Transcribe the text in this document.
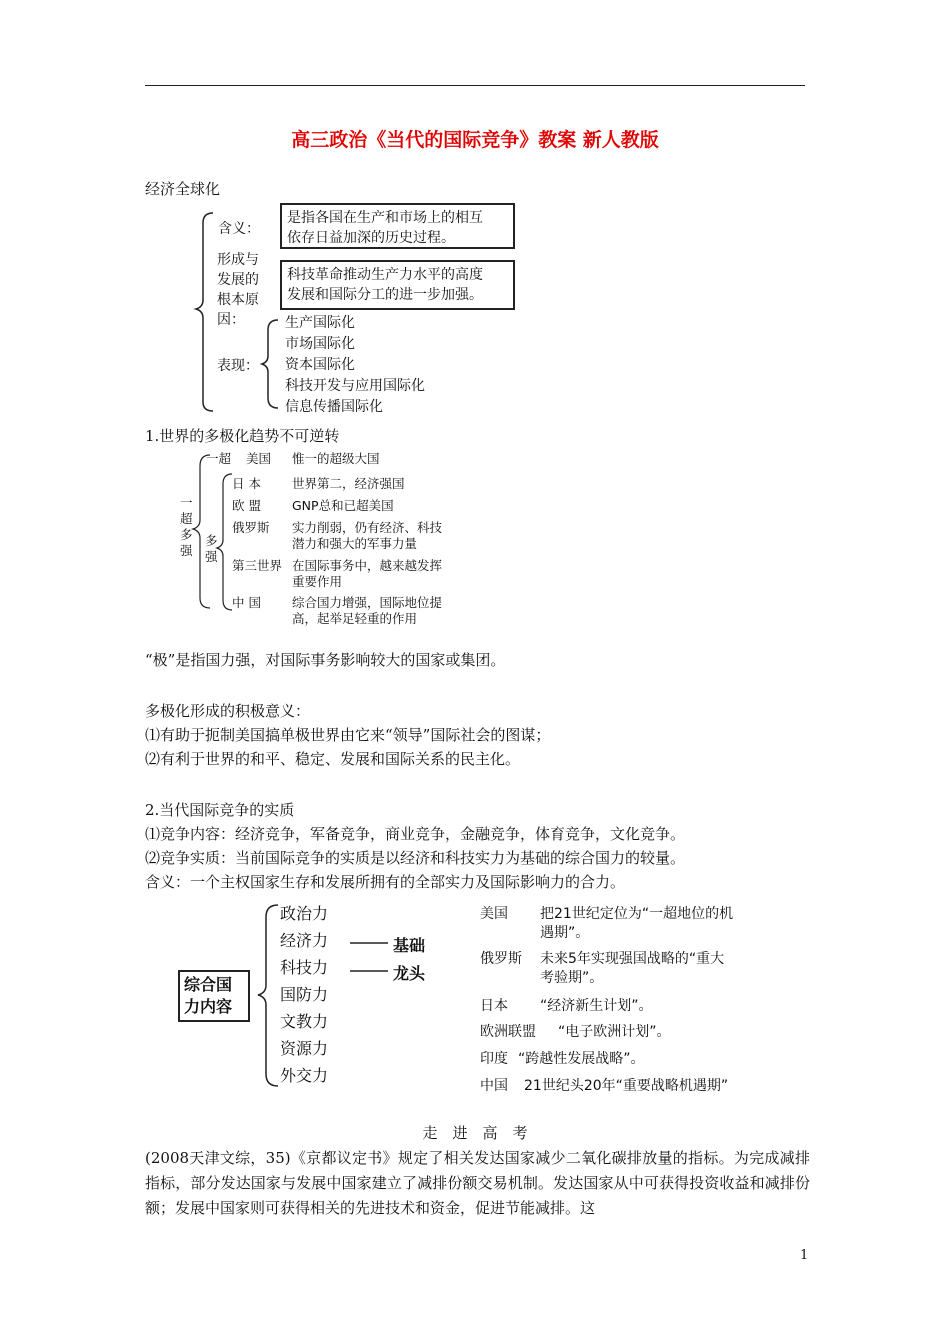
高三政治《当代的国际竞争》教案 新人教版
经济全球化
含义：
是指各国在生产和市场上的相互
依存日益加深的历史过程。
形成与
发展的
根本原
因：
科技革命推动生产力水平的高度
发展和国际分工的进一步加强。
表现：
生产国际化
市场国际化
资本国际化
科技开发与应用国际化
信息传播国际化
1.世界的多极化趋势不可逆转
一
超
多
强
一超 美国 惟一的超级大国
多
强
日 本 世界第二，经济强国
欧 盟 GNP总和已超美国
俄罗斯 实力削弱，仍有经济、科技
潜力和强大的军事力量
第三世界 在国际事务中，越来越发挥
重要作用
中 国 综合国力增强，国际地位提
高，起举足轻重的作用
“极”是指国力强，对国际事务影响较大的国家或集团。
多极化形成的积极意义：
⑴有助于扼制美国搞单极世界由它来“领导”国际社会的图谋；
⑵有利于世界的和平、稳定、发展和国际关系的民主化。
2.当代国际竞争的实质
⑴竞争内容：经济竞争，军备竞争，商业竞争，金融竞争，体育竞争，文化竞争。
⑵竞争实质：当前国际竞争的实质是以经济和科技实力为基础的综合国力的较量。
含义：一个主权国家生存和发展所拥有的全部实力及国际影响力的合力。
综合国
力内容
政治力
经济力
科技力
国防力
文教力
资源力
外交力
基础
龙头
美国 把21世纪定位为“一超地位的机
遇期”。
俄罗斯 未来5年实现强国战略的“重大
考验期”。
日本 “经济新生计划”。
欧洲联盟 “电子欧洲计划”。
印度 “跨越性发展战略”。
中国 21世纪头20年“重要战略机遇期”
走　进　高　考
(2008天津文综，35)《京都议定书》规定了相关发达国家减少二氧化碳排放量的指标。为完成减排指标，部分发达国家与发展中国家建立了减排份额交易机制。发达国家从中可获得投资收益和减排份额；发展中国家则可获得相关的先进技术和资金，促进节能减排。这
1
